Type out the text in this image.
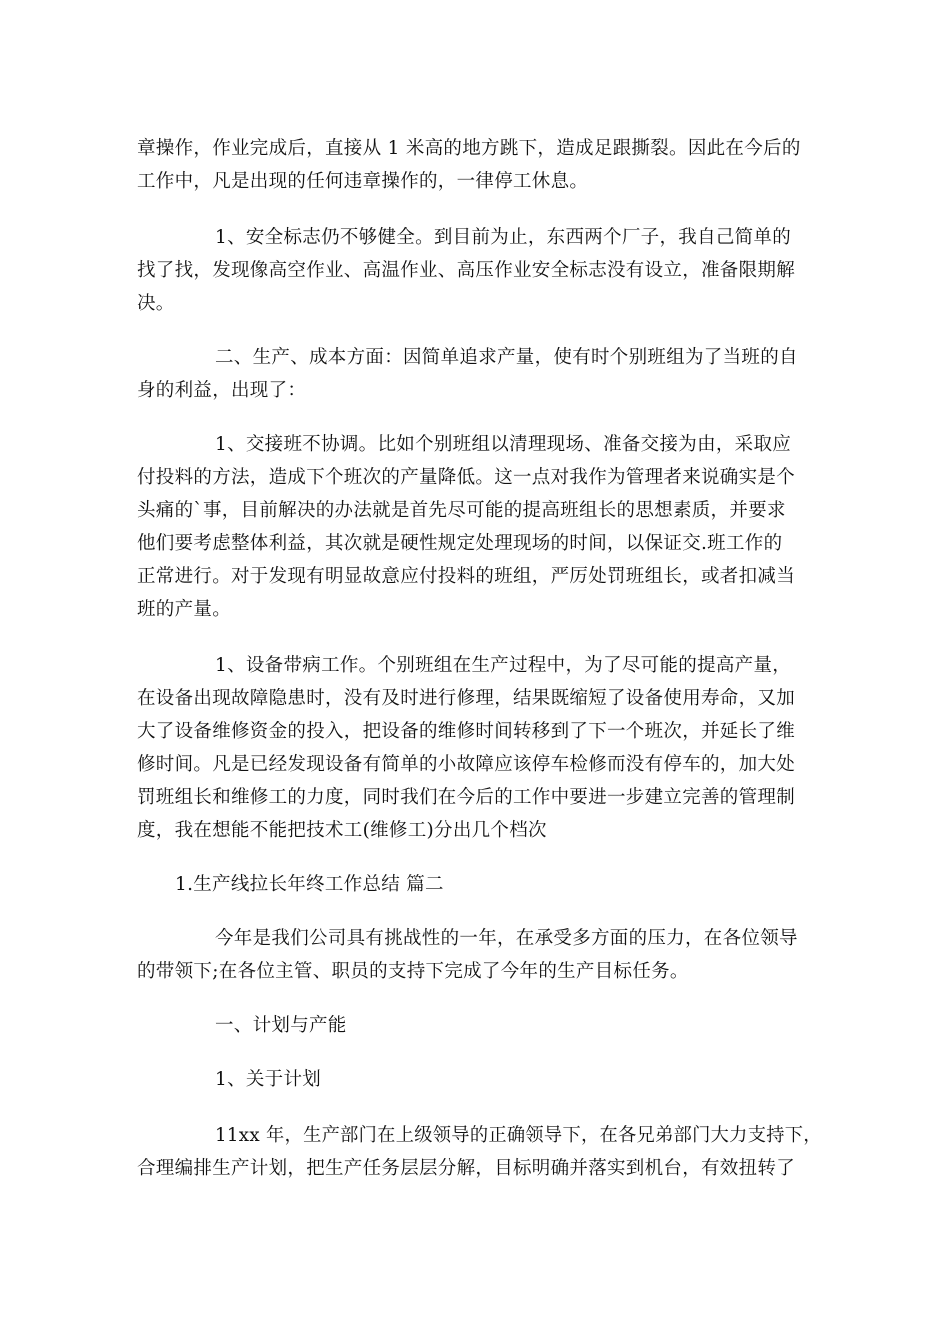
章操作，作业完成后，直接从 1 米高的地方跳下，造成足跟撕裂。因此在今后的
工作中，凡是出现的任何违章操作的，一律停工休息。
1、安全标志仍不够健全。到目前为止，东西两个厂子，我自己简单的
找了找，发现像高空作业、高温作业、高压作业安全标志没有设立，准备限期解
决。
二、生产、成本方面：因简单追求产量，使有时个别班组为了当班的自
身的利益，出现了：
1、交接班不协调。比如个别班组以清理现场、准备交接为由，采取应
付投料的方法，造成下个班次的产量降低。这一点对我作为管理者来说确实是个
头痛的`事，目前解决的办法就是首先尽可能的提高班组长的思想素质，并要求
他们要考虑整体利益，其次就是硬性规定处理现场的时间，以保证交.班工作的
正常进行。对于发现有明显故意应付投料的班组，严厉处罚班组长，或者扣减当
班的产量。
1、设备带病工作。个别班组在生产过程中，为了尽可能的提高产量，
在设备出现故障隐患时，没有及时进行修理，结果既缩短了设备使用寿命，又加
大了设备维修资金的投入，把设备的维修时间转移到了下一个班次，并延长了维
修时间。凡是已经发现设备有简单的小故障应该停车检修而没有停车的，加大处
罚班组长和维修工的力度，同时我们在今后的工作中要进一步建立完善的管理制
度，我在想能不能把技术工(维修工)分出几个档次
1.生产线拉长年终工作总结 篇二
今年是我们公司具有挑战性的一年，在承受多方面的压力，在各位领导
的带领下;在各位主管、职员的支持下完成了今年的生产目标任务。
一、计划与产能
1、关于计划
11xx 年，生产部门在上级领导的正确领导下，在各兄弟部门大力支持下，
合理编排生产计划，把生产任务层层分解，目标明确并落实到机台，有效扭转了
